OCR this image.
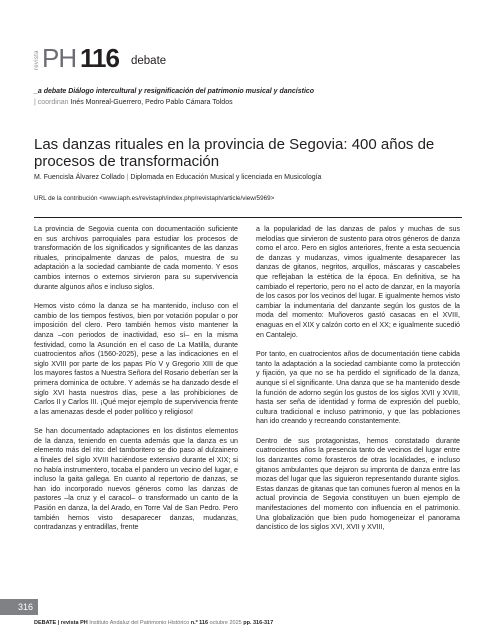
revista PH 116 debate
_a debate Diálogo intercultural y resignificación del patrimonio musical y dancístico
| coordinan Inés Monreal-Guerrero, Pedro Pablo Cámara Toldos
Las danzas rituales en la provincia de Segovia: 400 años de procesos de transformación
M. Fuencisla Álvarez Collado | Diplomada en Educación Musical y licenciada en Musicología
URL de la contribución <www.iaph.es/revistaph/index.php/revistaph/article/view/5969>

La provincia de Segovia cuenta con documentación suficiente en sus archivos parroquiales para estudiar los procesos de transformación de los significados y significantes de las danzas rituales, principalmente danzas de palos, muestra de su adaptación a la sociedad cambiante de cada momento. Y esos cambios internos o externos sirvieron para su supervivencia durante algunos años e incluso siglos.

Hemos visto cómo la danza se ha mantenido, incluso con el cambio de los tiempos festivos, bien por votación popular o por imposición del clero. Pero también hemos visto mantener la danza –con periodos de inactividad, eso sí– en la misma festividad, como la Asunción en el caso de La Matilla, durante cuatrocientos años (1560-2025), pese a las indicaciones en el siglo XVIII por parte de los papas Pío V y Gregorio XIII de que los mayores fastos a Nuestra Señora del Rosario deberían ser la primera dominica de octubre. Y además se ha danzado desde el siglo XVI hasta nuestros días, pese a las prohibiciones de Carlos II y Carlos III. ¡Qué mejor ejemplo de supervivencia frente a las amenazas desde el poder político y religioso!

Se han documentado adaptaciones en los distintos elementos de la danza, teniendo en cuenta además que la danza es un elemento más del rito: del tamboritero se dio paso al dulzainero a finales del siglo XVIII haciéndose extensivo durante el XIX; si no había instrumentero, tocaba el pandero un vecino del lugar, e incluso la gaita gallega. En cuanto al repertorio de danzas, se han ido incorporado nuevos géneros como las danzas de pastores –la cruz y el caracol– o transformado un canto de la Pasión en danza, la del Arado, en Torre Val de San Pedro. Pero también hemos visto desaparecer danzas, mudanzas, contradanzas y entradillas, frente

a la popularidad de las danzas de palos y muchas de sus melodías que sirvieron de sustento para otros géneros de danza como el arco. Pero en siglos anteriores, frente a esta secuencia de danzas y mudanzas, vimos igualmente desaparecer las danzas de gitanos, negritos, arquillos, máscaras y cascabeles que reflejaban la estética de la época. En definitiva, se ha cambiado el repertorio, pero no el acto de danzar, en la mayoría de los casos por los vecinos del lugar. E igualmente hemos visto cambiar la indumentaria del danzante según los gustos de la moda del momento: Muñoveros gastó casacas en el XVIII, enaguas en el XIX y calzón corto en el XX; e igualmente sucedió en Cantalejo.

Por tanto, en cuatrocientos años de documentación tiene cabida tanto la adaptación a la sociedad cambiante como la protección y fijación, ya que no se ha perdido el significado de la danza, aunque sí el significante. Una danza que se ha mantenido desde la función de adorno según los gustos de los siglos XVII y XVIII, hasta ser seña de identidad y forma de expresión del pueblo, cultura tradicional e incluso patrimonio, y que las poblaciones han ido creando y recreando constantemente.

Dentro de sus protagonistas, hemos constatado durante cuatrocientos años la presencia tanto de vecinos del lugar entre los danzantes como forasteros de otras localidades, e incluso gitanos ambulantes que dejaron su impronta de danza entre las mozas del lugar que las siguieron representando durante siglos. Estas danzas de gitanas que tan comunes fueron al menos en la actual provincia de Segovia constituyen un buen ejemplo de manifestaciones del momento con influencia en el patrimonio. Una globalización que bien pudo homogeneizar el panorama dancístico de los siglos XVI, XVII y XVIII,

316
DEBATE | revista PH Instituto Andaluz del Patrimonio Histórico n.º 116 octubre 2025 pp. 316-317
